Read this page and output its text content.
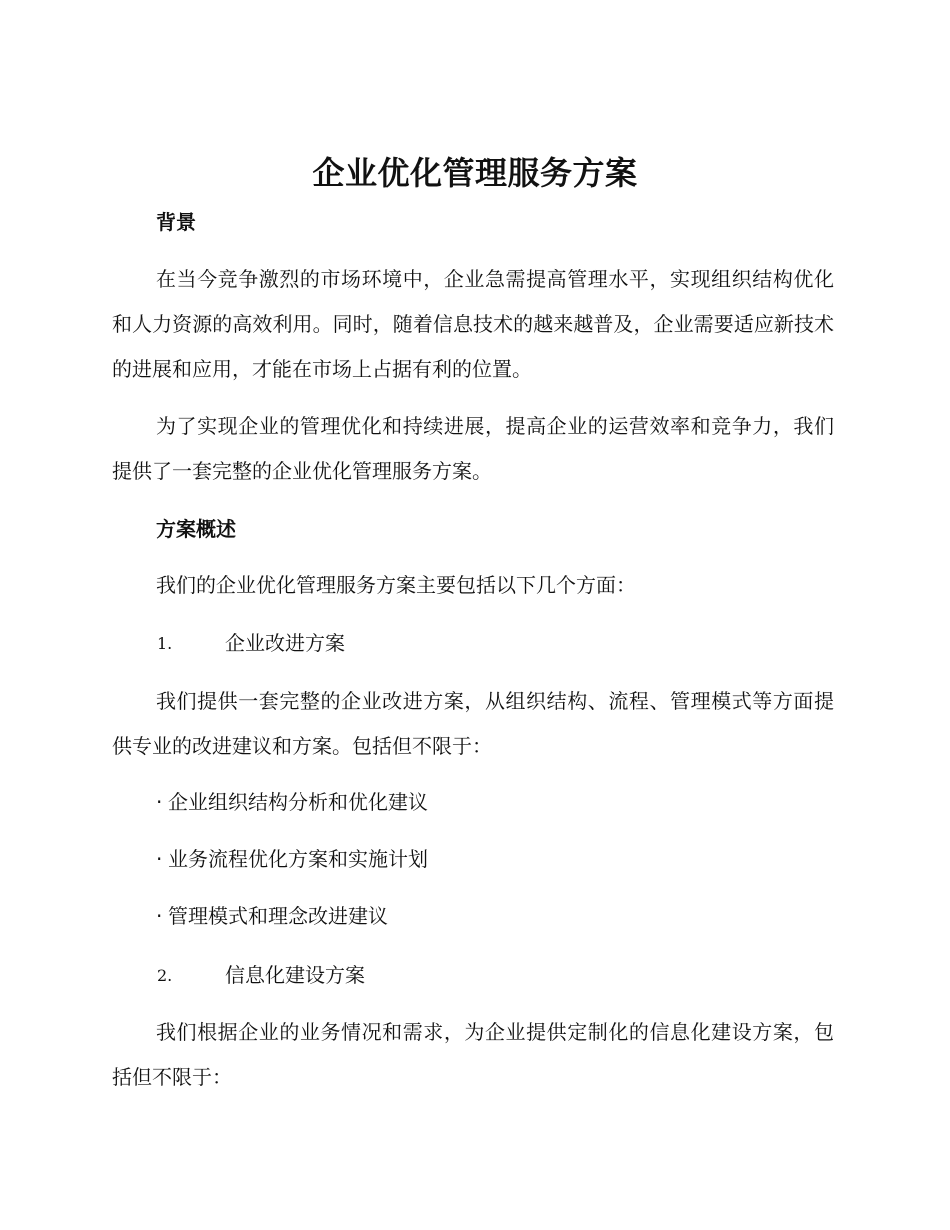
企业优化管理服务方案
背景
在当今竞争激烈的市场环境中，企业急需提高管理水平，实现组织结构优化和人力资源的高效利用。同时，随着信息技术的越来越普及，企业需要适应新技术的进展和应用，才能在市场上占据有利的位置。
为了实现企业的管理优化和持续进展，提高企业的运营效率和竞争力，我们提供了一套完整的企业优化管理服务方案。
方案概述
我们的企业优化管理服务方案主要包括以下几个方面：
1.	企业改进方案
我们提供一套完整的企业改进方案，从组织结构、流程、管理模式等方面提供专业的改进建议和方案。包括但不限于：
· 企业组织结构分析和优化建议
· 业务流程优化方案和实施计划
· 管理模式和理念改进建议
2.	信息化建设方案
我们根据企业的业务情况和需求，为企业提供定制化的信息化建设方案，包括但不限于：
